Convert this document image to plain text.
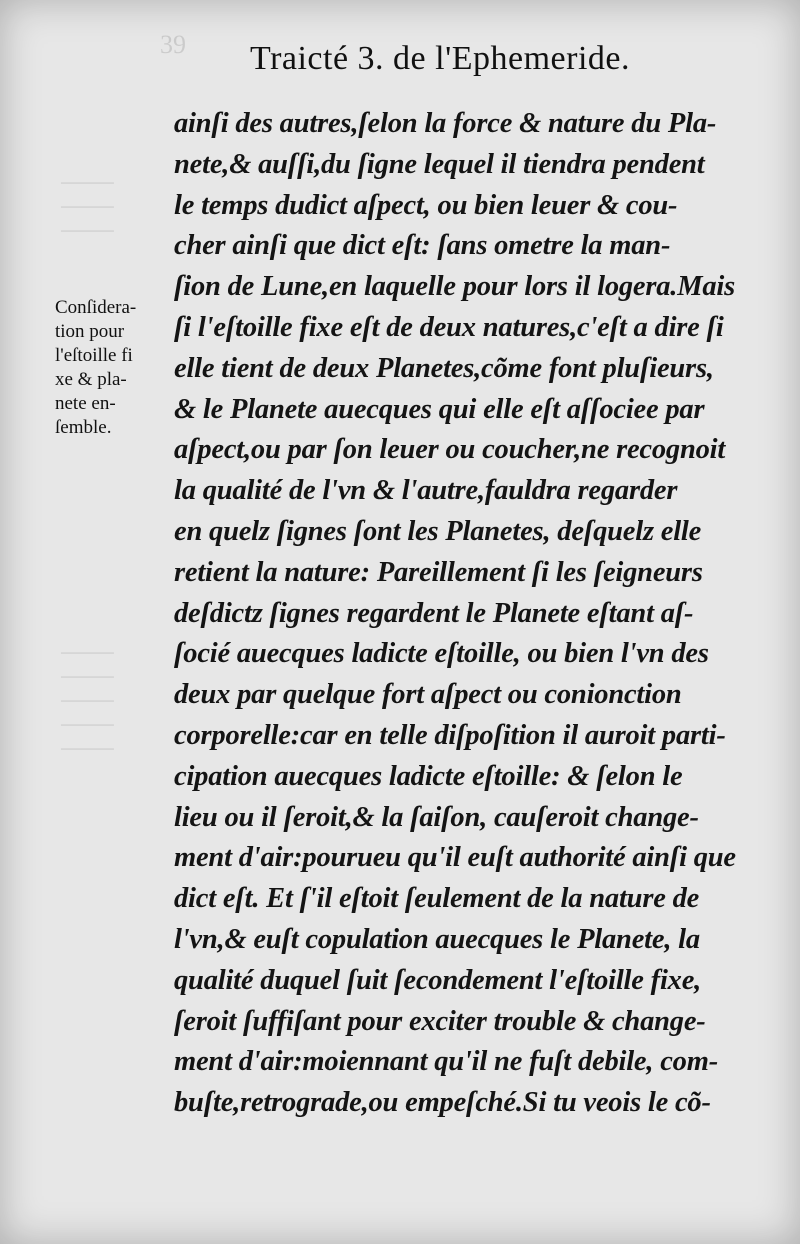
39
⸻
⸻
⸻
⸻
⸻
⸻
⸻
⸻
Traicté 3. de l'Ephemeride.
Conſidera-
tion pour
l'eſtoille fi
xe & pla-
nete en-
ſemble.
ainſi des autres,ſelon la force & nature du Pla-
nete,& auſſi,du ſigne lequel il tiendra pendent
le temps dudict aſpect, ou bien leuer & cou-
cher ainſi que dict eſt: ſans ometre la man-
ſion de Lune,en laquelle pour lors il logera.Mais
ſi l'eſtoille fixe eſt de deux natures,c'eſt a dire ſi
elle tient de deux Planetes,cõme font pluſieurs,
& le Planete auecques qui elle eſt aſſociee par
aſpect,ou par ſon leuer ou coucher,ne recognoit
la qualité de l'vn & l'autre,fauldra regarder
en quelz ſignes ſont les Planetes, deſquelz elle
retient la nature: Pareillement ſi les ſeigneurs
deſdictz ſignes regardent le Planete eſtant aſ-
ſocié auecques ladicte eſtoille, ou bien l'vn des
deux par quelque fort aſpect ou conionction
corporelle:car en telle diſpoſition il auroit parti-
cipation auecques ladicte eſtoille: & ſelon le
lieu ou il ſeroit,& la ſaiſon, cauſeroit change-
ment d'air:pourueu qu'il euſt authorité ainſi que
dict eſt. Et ſ'il eſtoit ſeulement de la nature de
l'vn,& euſt copulation auecques le Planete, la
qualité duquel ſuit ſecondement l'eſtoille fixe,
ſeroit ſuffiſant pour exciter trouble & change-
ment d'air:moiennant qu'il ne fuſt debile, com-
buſte,retrograde,ou empeſché.Si tu veois le cõ-
